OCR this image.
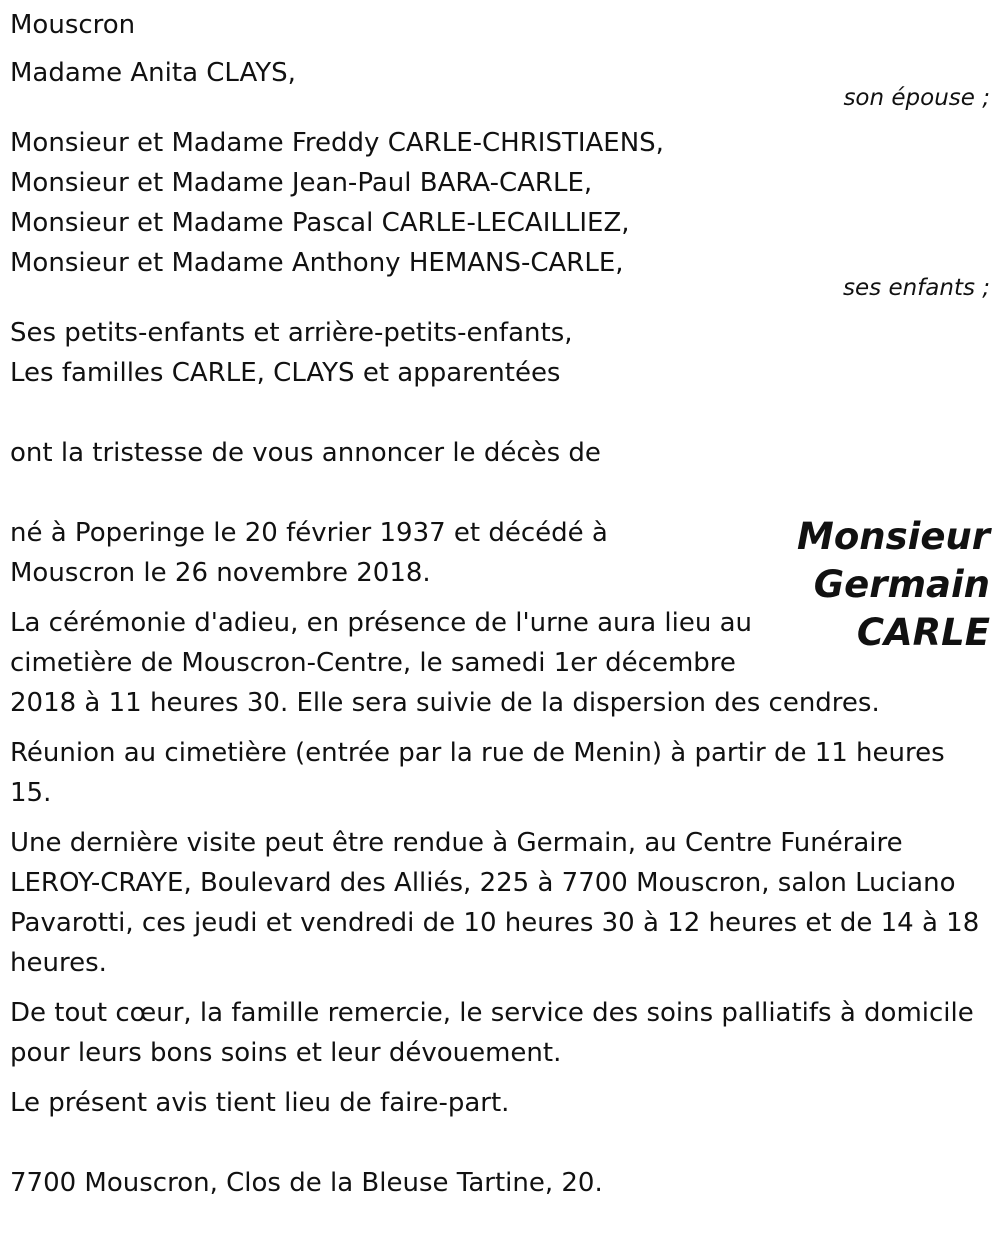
Mouscron

Madame Anita CLAYS,

son épouse ;

Monsieur et Madame Freddy CARLE-CHRISTIAENS,

Monsieur et Madame Jean-Paul BARA-CARLE,

Monsieur et Madame Pascal CARLE-LECAILLIEZ,

Monsieur et Madame Anthony HEMANS-CARLE,

ses enfants ;

Ses petits-enfants et arrière-petits-enfants,

Les familles CARLE, CLAYS et apparentées

ont la tristesse de vous annoncer le décès de

Monsieur
Germain
CARLE

né à Poperinge le 20 février 1937 et décédé à Mouscron le 26 novembre 2018.

La cérémonie d'adieu, en présence de l'urne aura lieu au cimetière de Mouscron-Centre, le samedi 1er décembre 2018 à 11 heures 30. Elle sera suivie de la dispersion des cendres.

Réunion au cimetière (entrée par la rue de Menin) à partir de 11 heures 15.

Une dernière visite peut être rendue à Germain, au Centre Funéraire LEROY-CRAYE, Boulevard des Alliés, 225 à 7700 Mouscron, salon Luciano Pavarotti, ces jeudi et vendredi de 10 heures 30 à 12 heures et de 14 à 18 heures.

De tout cœur, la famille remercie, le service des soins palliatifs à domicile pour leurs bons soins et leur dévouement.

Le présent avis tient lieu de faire-part.

7700 Mouscron, Clos de la Bleuse Tartine, 20.
